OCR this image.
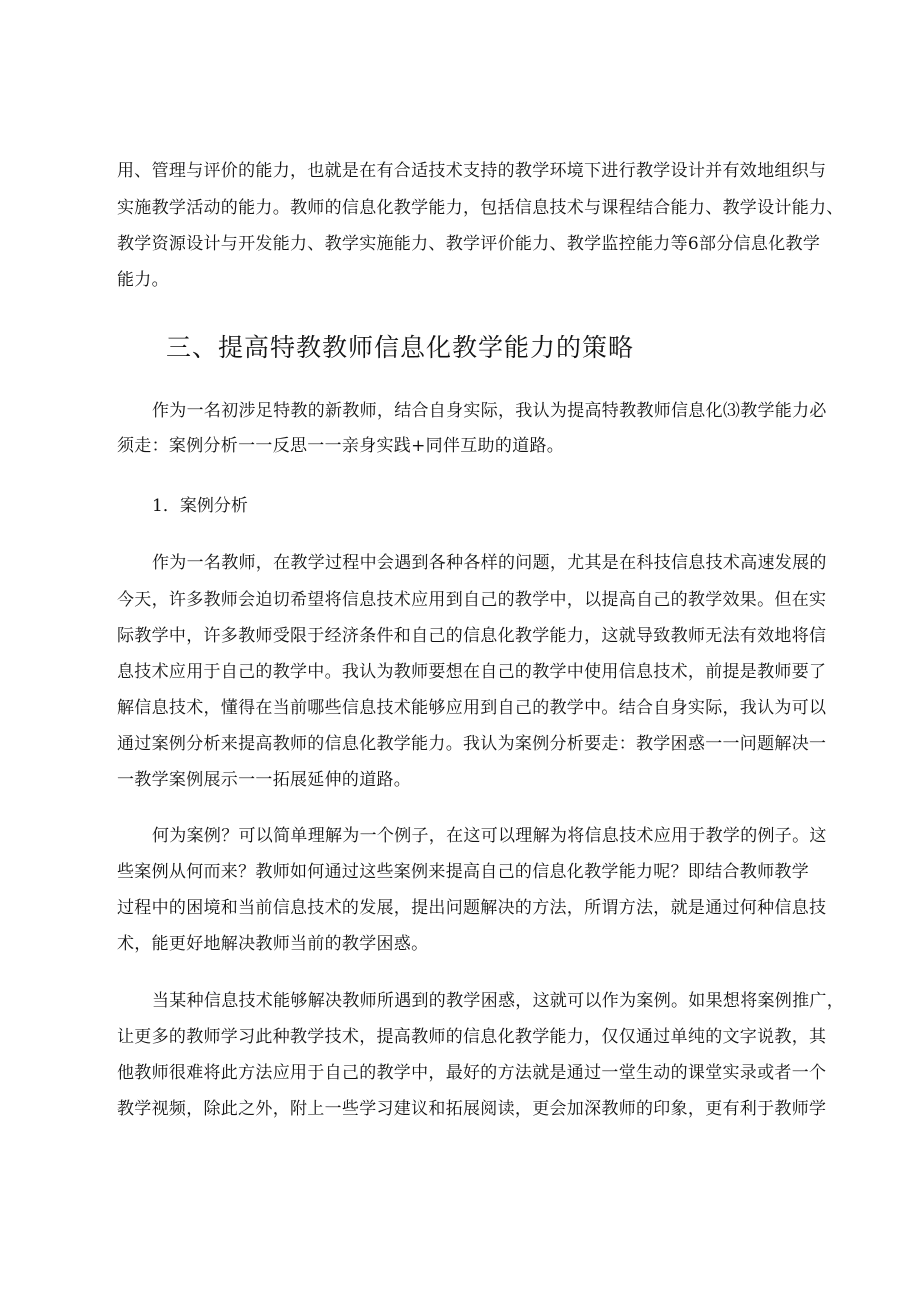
用、管理与评价的能力，也就是在有合适技术支持的教学环境下进行教学设计并有效地组织与
实施教学活动的能力。教师的信息化教学能力，包括信息技术与课程结合能力、教学设计能力、
教学资源设计与开发能力、教学实施能力、教学评价能力、教学监控能力等6部分信息化教学
能力。
三、提高特教教师信息化教学能力的策略
作为一名初涉足特教的新教师，结合自身实际，我认为提高特教教师信息化⑶教学能力必
须走：案例分析一一反思一一亲身实践+同伴互助的道路。
1．案例分析
作为一名教师，在教学过程中会遇到各种各样的问题，尤其是在科技信息技术高速发展的
今天，许多教师会迫切希望将信息技术应用到自己的教学中，以提高自己的教学效果。但在实
际教学中，许多教师受限于经济条件和自己的信息化教学能力，这就导致教师无法有效地将信
息技术应用于自己的教学中。我认为教师要想在自己的教学中使用信息技术，前提是教师要了
解信息技术，懂得在当前哪些信息技术能够应用到自己的教学中。结合自身实际，我认为可以
通过案例分析来提高教师的信息化教学能力。我认为案例分析要走：教学困惑一一问题解决一
一教学案例展示一一拓展延伸的道路。
何为案例？可以简单理解为一个例子，在这可以理解为将信息技术应用于教学的例子。这
些案例从何而来？教师如何通过这些案例来提高自己的信息化教学能力呢？即结合教师教学
过程中的困境和当前信息技术的发展，提出问题解决的方法，所谓方法，就是通过何种信息技
术，能更好地解决教师当前的教学困惑。
当某种信息技术能够解决教师所遇到的教学困惑，这就可以作为案例。如果想将案例推广，
让更多的教师学习此种教学技术，提高教师的信息化教学能力，仅仅通过单纯的文字说教，其
他教师很难将此方法应用于自己的教学中，最好的方法就是通过一堂生动的课堂实录或者一个
教学视频，除此之外，附上一些学习建议和拓展阅读，更会加深教师的印象，更有利于教师学
